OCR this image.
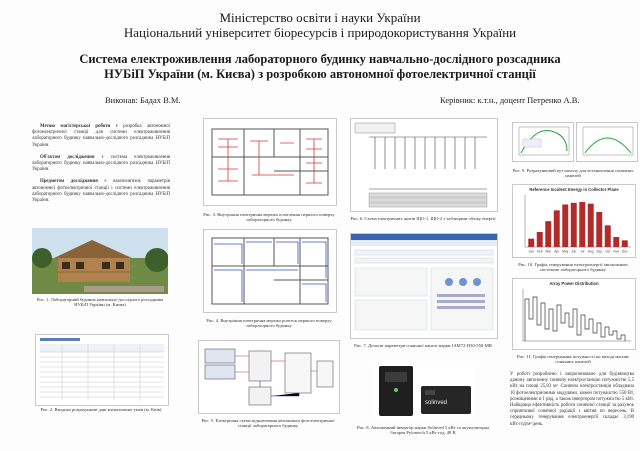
Міністерство освіти і науки України
Національний університет біоресурсів і природокористування України
Система електроживлення лабораторного будинку навчально-дослідного розсадника
НУБіП України (м. Києва) з розробкою автономної фотоелектричної станції
Виконав: Бадах В.М.	Керівник: к.т.н., доцент Петренко А.В.

Метою магістерської роботи є розробка автономної фотоелектричної станції для системи електроживлення лабораторного будинку навчально-дослідного розсадника НУБіП України.

Об'єктом дослідження є система електроживлення лабораторного будинку навчально-дослідного розсадника НУБіП України.

Предметом дослідження є взаємозв'язок параметрів автономної фотоелектричної станції і системи електроживлення лабораторного будинку навчально-дослідного розсадника НУБіП України.

Рис. 1. Лабораторний будинок навчально-дослідного розсадника НУБіП України (м. Києва)
Рис. 2. Вводимі розрахункові дані кліматичних умов (м. Київ)
Рис. 3. Внутрішня електрична мережа освітлення першого поверху лабораторного будинку
Рис. 4. Внутрішня електрична мережа розеток першого поверху лабораторного будинку
Рис. 5. Електрична схема підключення автономної фотоелектричної станції лабораторного будинку
Рис. 6. Схема електричних щитів ЩО-1, ЩО-2 з таблицями обліку енергії
Рис. 7. Дочасні параметри сонячної панелі марки JAM72-D30-550-MB
solinved
Рис. 8. Автономний інвертор марки Solinved 5 кВт та акумуляторна батарея Pylontech 5 кВт·год, 48 В
Рис. 9. Розрахунковий кут нахилу для встановлення сонячних панелей
Reference Incident Energy in Collector Plane
Jan Feb Mar Apr May Jun Jul Aug Sep Oct Nov Dec
Рис. 10. Графік генерування електроенергії автономною системою лабораторного будинку
Array Power Distribution
Рис. 11. Графік генерування потужності на виході масиву сонячних панелей
У роботі розроблено і запропоновано для будівництва даному автономну сонячну електростанцію потужністю 5,5 кВт на площі 25,83 м². Сонячна електростанція обладнана 10 фотоелектричними модулями, кожен потужністю 550 Вт, розміщеними в 1 ряд, а також інвертором потужністю 5 кВт. Найкраща ефективність роботи сонячної станції за рахунок сприятливої сонячної радіації з квітня по вересень. В середньому генерування електроенергії складає 3,190 кВт·год/м² день.
